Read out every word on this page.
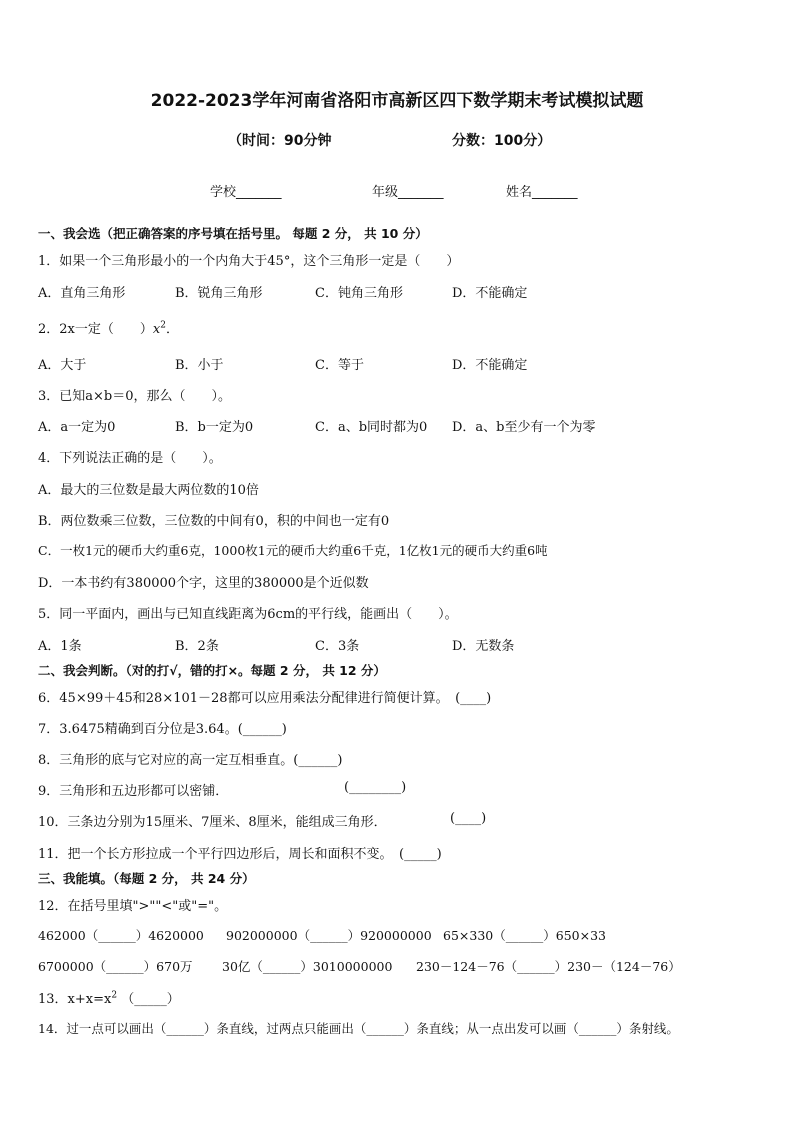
2022-2023学年河南省洛阳市高新区四下数学期末考试模拟试题
（时间：90分钟	分数：100分）
学校_______	年级_______	姓名_______
一、我会选（把正确答案的序号填在括号里。 每题 2 分， 共 10 分）
1．如果一个三角形最小的一个内角大于45°，这个三角形一定是（　　）
A．直角三角形	B．锐角三角形	C．钝角三角形	D．不能确定
2．2x一定（　　）$x^2$．
A．大于	B．小于	C．等于	D．不能确定
3．已知a×b＝0，那么（　　）。
A．a一定为0	B．b一定为0	C．a、b同时都为0 D．a、b至少有一个为零
4．下列说法正确的是（　　）。
A．最大的三位数是最大两位数的10倍
B．两位数乘三位数，三位数的中间有0，积的中间也一定有0
C．一枚1元的硬币大约重6克，1000枚1元的硬币大约重6千克，1亿枚1元的硬币大约重6吨
D．一本书约有380000个字，这里的380000是个近似数
5．同一平面内，画出与已知直线距离为6cm的平行线，能画出（　　）。
A．1条	B．2条	C．3条	D．无数条
二、我会判断。（对的打√，错的打×。每题 2 分， 共 12 分）
6．45×99＋45和28×101－28都可以应用乘法分配律进行简便计算。　(____)
7．3.6475精确到百分位是3.64。(______)
8．三角形的底与它对应的高一定互相垂直。(______)
9．三角形和五边形都可以密铺．	(________)
10．三条边分别为15厘米、7厘米、8厘米，能组成三角形．	(____)
11．把一个长方形拉成一个平行四边形后，周长和面积不变。　(_____)
三、我能填。（每题 2 分， 共 24 分）
12．在括号里填">""<"或"="。
462000（______）4620000 902000000（______）920000000 65×330（______）650×33
6700000（______）670万 30亿（______）3010000000 230－124－76（______）230－（124－76）
13．$x+x=x^2$ （_____）
14．过一点可以画出（______）条直线，过两点只能画出（______）条直线；从一点出发可以画（______）条射线。
